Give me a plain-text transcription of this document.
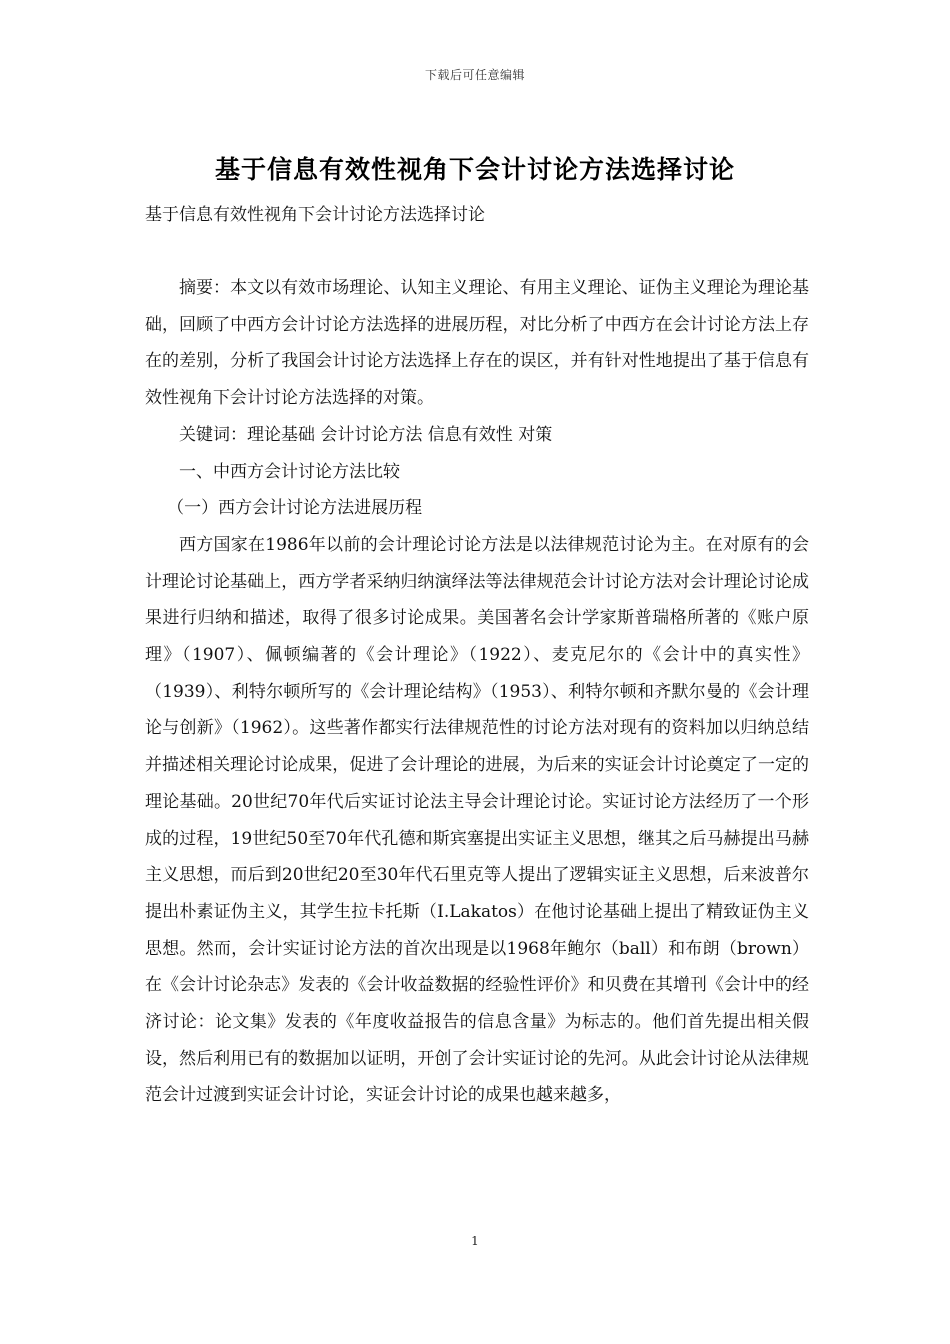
下载后可任意编辑
基于信息有效性视角下会计讨论方法选择讨论
基于信息有效性视角下会计讨论方法选择讨论

摘要：本文以有效市场理论、认知主义理论、有用主义理论、证伪主义理论为理论基础，回顾了中西方会计讨论方法选择的进展历程，对比分析了中西方在会计讨论方法上存在的差别，分析了我国会计讨论方法选择上存在的误区，并有针对性地提出了基于信息有效性视角下会计讨论方法选择的对策。

关键词：理论基础 会计讨论方法 信息有效性 对策

一、中西方会计讨论方法比较

（一）西方会计讨论方法进展历程

西方国家在1986年以前的会计理论讨论方法是以法律规范讨论为主。在对原有的会计理论讨论基础上，西方学者采纳归纳演绎法等法律规范会计讨论方法对会计理论讨论成果进行归纳和描述，取得了很多讨论成果。美国著名会计学家斯普瑞格所著的《账户原理》（1907）、佩顿编著的《会计理论》（1922）、麦克尼尔的《会计中的真实性》（1939）、利特尔顿所写的《会计理论结构》（1953）、利特尔顿和齐默尔曼的《会计理论与创新》（1962）。这些著作都实行法律规范性的讨论方法对现有的资料加以归纳总结并描述相关理论讨论成果，促进了会计理论的进展，为后来的实证会计讨论奠定了一定的理论基础。20世纪70年代后实证讨论法主导会计理论讨论。实证讨论方法经历了一个形成的过程，19世纪50至70年代孔德和斯宾塞提出实证主义思想，继其之后马赫提出马赫主义思想，而后到20世纪20至30年代石里克等人提出了逻辑实证主义思想，后来波普尔提出朴素证伪主义，其学生拉卡托斯（I.Lakatos）在他讨论基础上提出了精致证伪主义思想。然而，会计实证讨论方法的首次出现是以1968年鲍尔（ball）和布朗（brown）在《会计讨论杂志》发表的《会计收益数据的经验性评价》和贝费在其增刊《会计中的经济讨论：论文集》发表的《年度收益报告的信息含量》为标志的。他们首先提出相关假设，然后利用已有的数据加以证明，开创了会计实证讨论的先河。从此会计讨论从法律规范会计过渡到实证会计讨论，实证会计讨论的成果也越来越多，

1
